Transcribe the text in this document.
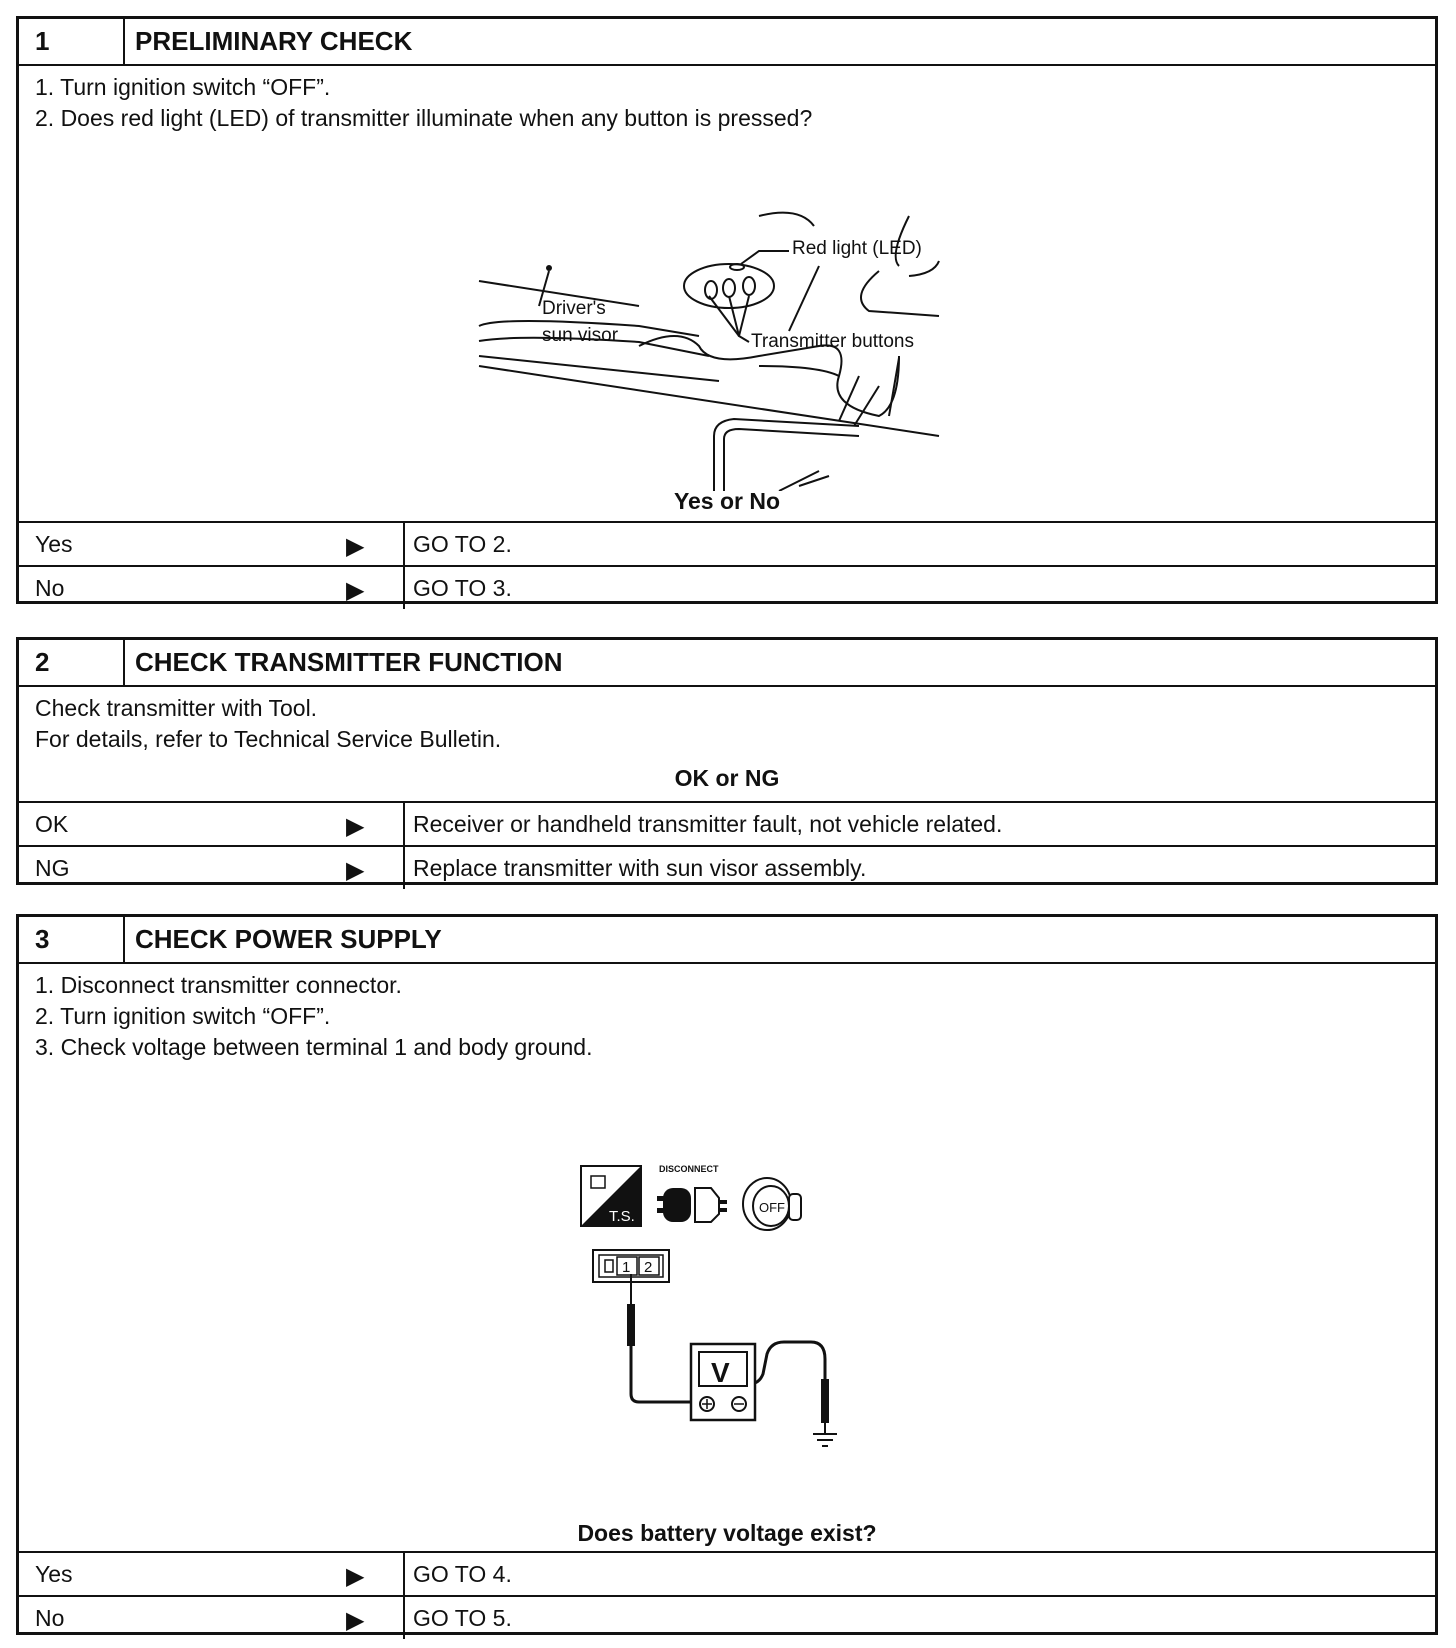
1	PRELIMINARY CHECK
1. Turn ignition switch “OFF”.
2. Does red light (LED) of transmitter illuminate when any button is pressed?
Red light (LED)
Driver's
sun visor	Transmitter buttons
Yes or No
Yes	▶	GO TO 2.
No	▶	GO TO 3.
2	CHECK TRANSMITTER FUNCTION
Check transmitter with Tool.
For details, refer to Technical Service Bulletin.
OK or NG
OK	▶	Receiver or handheld transmitter fault, not vehicle related.
NG	▶	Replace transmitter with sun visor assembly.
3	CHECK POWER SUPPLY
1. Disconnect transmitter connector.
2. Turn ignition switch “OFF”.
3. Check voltage between terminal 1 and body ground.
T.S.
DISCONNECT
OFF
1 2
V
Does battery voltage exist?
Yes	▶	GO TO 4.
No	▶	GO TO 5.
